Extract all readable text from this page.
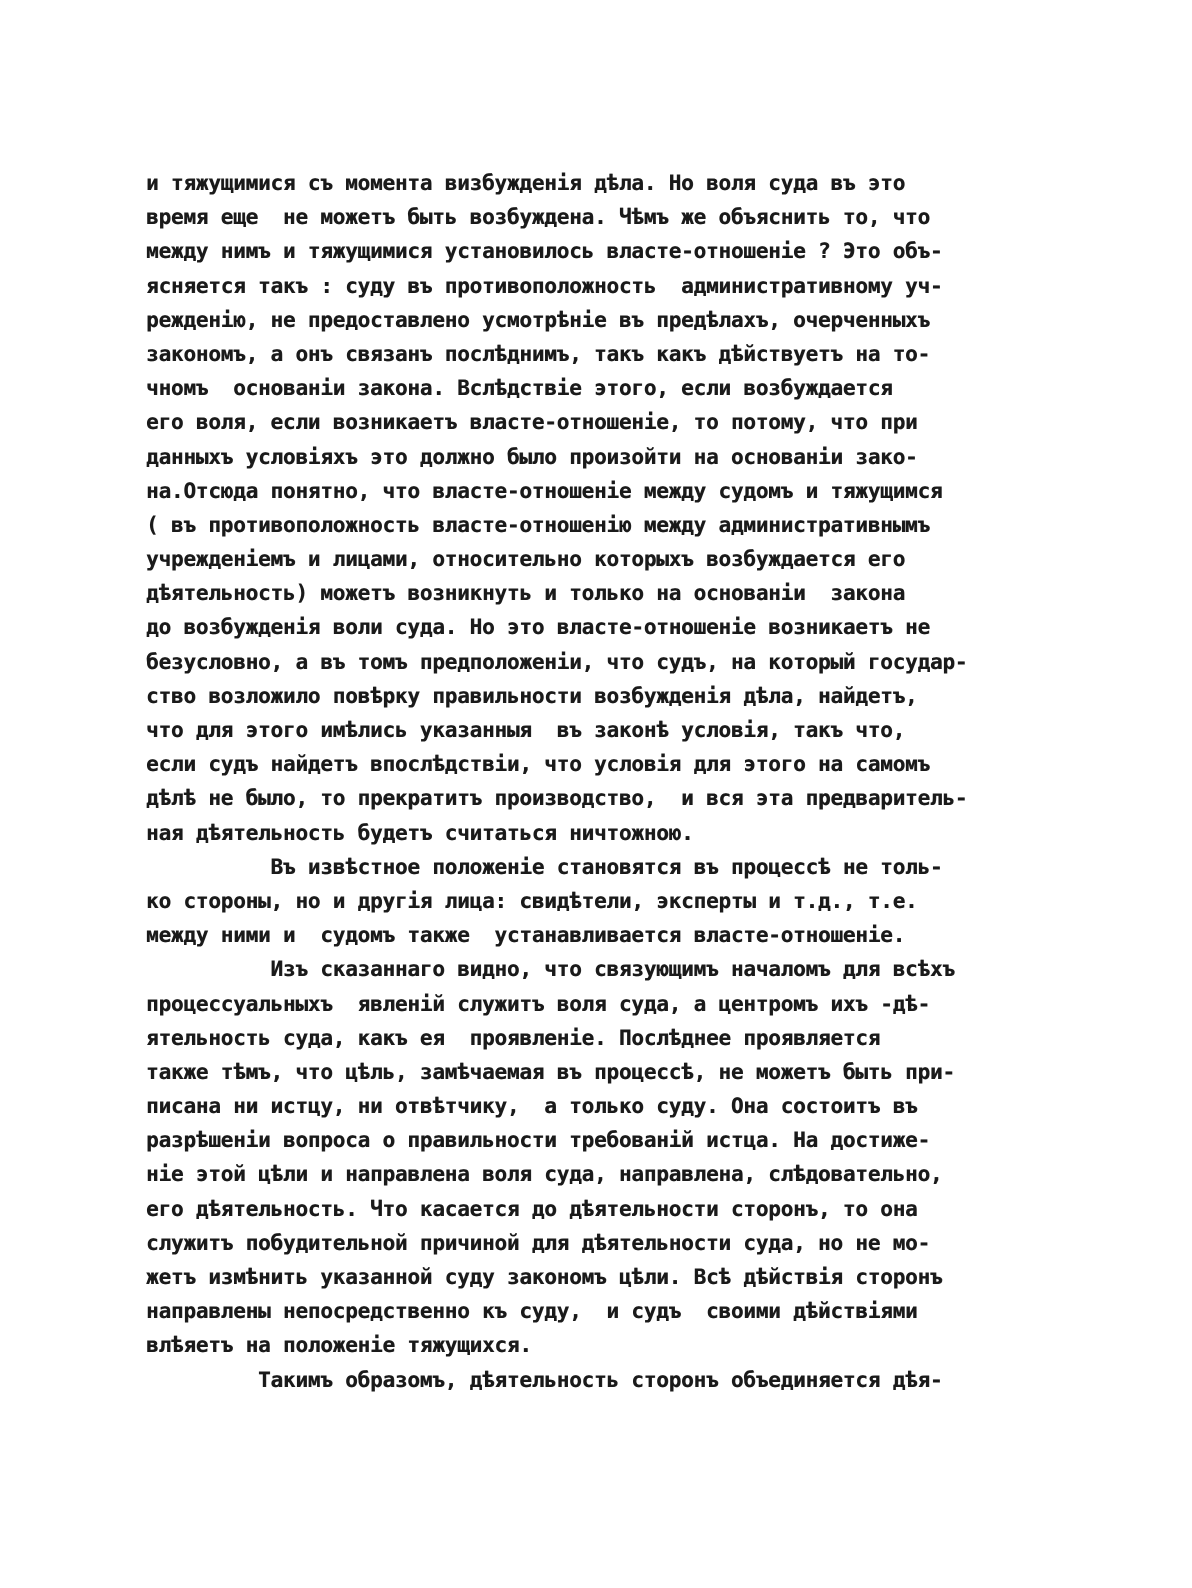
и тяжущимися съ момента визбужденія дѣла. Но воля суда въ это
время еще  не можетъ быть возбуждена. Чѣмъ же объяснить то, что
между нимъ и тяжущимися установилось власте-отношеніе ? Это объ-
ясняется такъ : суду въ противоположность  административному уч-
режденію, не предоставлено усмотрѣніе въ предѣлахъ, очерченныхъ
закономъ, а онъ связанъ послѣднимъ, такъ какъ дѣйствуетъ на то-
чномъ  основаніи закона. Вслѣдствіе этого, если возбуждается
его воля, если возникаетъ власте-отношеніе, то потому, что при
данныхъ условіяхъ это должно было произойти на основаніи зако-
на.Отсюда понятно, что власте-отношеніе между судомъ и тяжущимся
( въ противоположность власте-отношенію между административнымъ
учрежденіемъ и лицами, относительно которыхъ возбуждается его
дѣятельность) можетъ возникнуть и только на основаніи  закона
до возбужденія воли суда. Но это власте-отношеніе возникаетъ не
безусловно, а въ томъ предположеніи, что судъ, на который государ-
ство возложило повѣрку правильности возбужденія дѣла, найдетъ,
что для этого имѣлись указанныя  въ законѣ условія, такъ что,
если судъ найдетъ впослѣдствіи, что условія для этого на самомъ
дѣлѣ не было, то прекратитъ производство,  и вся эта предваритель-
ная дѣятельность будетъ считаться ничтожною.
Въ извѣстное положеніе становятся въ процессѣ не толь-
ко стороны, но и другія лица: свидѣтели, эксперты и т.д., т.е.
между ними и  судомъ также  устанавливается власте-отношеніе.
Изъ сказаннаго видно, что связующимъ началомъ для всѣхъ
процессуальныхъ  явленій служитъ воля суда, а центромъ ихъ -дѣ-
ятельность суда, какъ ея  проявленіе. Послѣднее проявляется
также тѣмъ, что цѣль, замѣчаемая въ процессѣ, не можетъ быть при-
писана ни истцу, ни отвѣтчику,  а только суду. Она состоитъ въ
разрѣшеніи вопроса о правильности требованій истца. На достиже-
ніе этой цѣли и направлена воля суда, направлена, слѣдовательно,
его дѣятельность. Что касается до дѣятельности сторонъ, то она
служитъ побудительной причиной для дѣятельности суда, но не мо-
жетъ измѣнить указанной суду закономъ цѣли. Всѣ дѣйствія сторонъ
направлены непосредственно къ суду,  и судъ  своими дѣйствіями
влѣяетъ на положеніе тяжущихся.
Такимъ образомъ, дѣятельность сторонъ объединяется дѣя-
